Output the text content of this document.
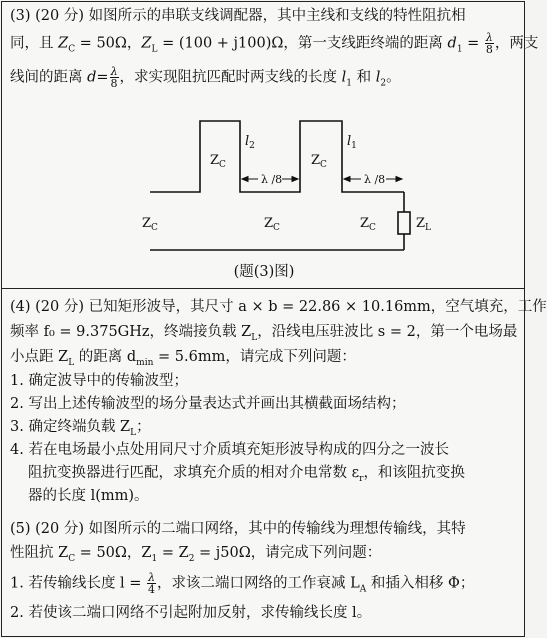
(3) (20 分) 如图所示的串联支线调配器，其中主线和支线的特性阻抗相
同，且 $Z_C = 50\Omega$，$Z_L = (100 + j100)\Omega$，第一支线距终端的距离 $d_1 = \frac{\lambda}{8}$ ，两支
线间的距离 $d= \frac{\lambda}{8}$ ，求实现阻抗匹配时两支线的长度 $l_1$ 和 $l_2$。
$l_2$	$l_1$
$Z_C$	$Z_C$
λ /8	λ /8
$Z_C$	$Z_C$	$Z_C$	$Z_L$
(题(3)图)
(4) (20 分) 已知矩形波导，其尺寸 a × b = 22.86 × 10.16mm，空气填充，工作
频率 f₀ = 9.375GHz，终端接负载 $Z_L$，沿线电压驻波比 s = 2，第一个电场最
小点距 $Z_L$ 的距离 $d_{min} = 5.6mm$，请完成下列问题：
1. 确定波导中的传输波型；
2. 写出上述传输波型的场分量表达式并画出其横截面场结构；
3. 确定终端负载 $Z_L$；
4. 若在电场最小点处用同尺寸介质填充矩形波导构成的四分之一波长
阻抗变换器进行匹配，求填充介质的相对介电常数 $\varepsilon_r$，和该阻抗变换
器的长度 l(mm)。
(5) (20 分) 如图所示的二端口网络，其中的传输线为理想传输线，其特
性阻抗 $Z_C = 50\Omega$，$Z_1 = Z_2 = j50\Omega$，请完成下列问题：
1. 若传输线长度 $l = \frac{\lambda}{4}$ ，求该二端口网络的工作衰减 $L_A$ 和插入相移 Φ；
2. 若使该二端口网络不引起附加反射，求传输线长度 l。
